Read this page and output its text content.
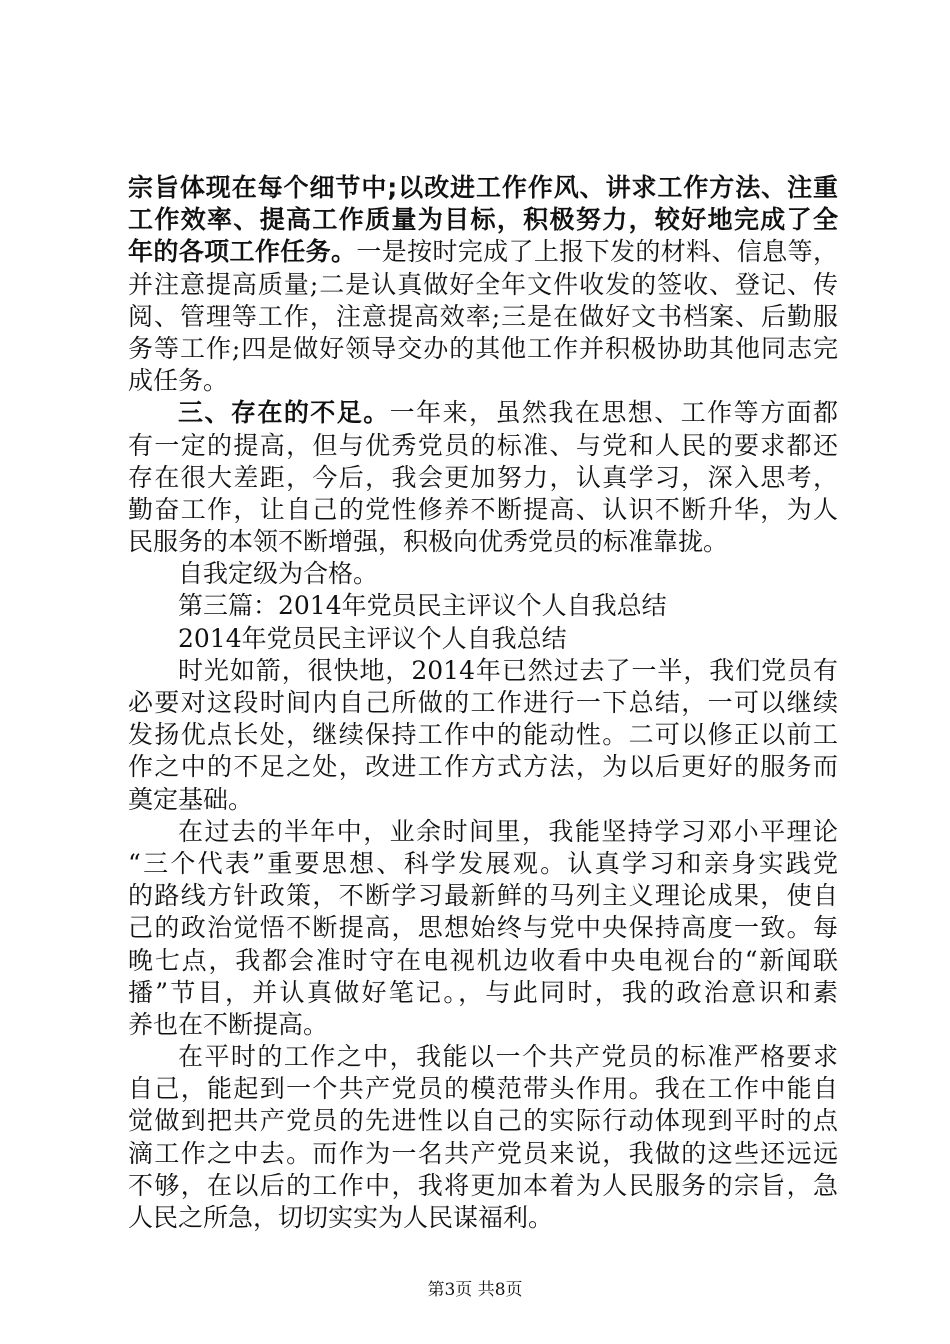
宗旨体现在每个细节中;以改进工作作风、讲求工作方法、注重
工作效率、提高工作质量为目标，积极努力，较好地完成了全
年的各项工作任务。一是按时完成了上报下发的材料、信息等，
并注意提高质量;二是认真做好全年文件收发的签收、登记、传
阅、管理等工作，注意提高效率;三是在做好文书档案、后勤服
务等工作;四是做好领导交办的其他工作并积极协助其他同志完
成任务。
三、存在的不足。一年来，虽然我在思想、工作等方面都
有一定的提高，但与优秀党员的标准、与党和人民的要求都还
存在很大差距，今后，我会更加努力，认真学习，深入思考，
勤奋工作，让自己的党性修养不断提高、认识不断升华，为人
民服务的本领不断增强，积极向优秀党员的标准靠拢。
自我定级为合格。
第三篇：2014年党员民主评议个人自我总结
2014年党员民主评议个人自我总结
时光如箭，很快地，2014年已然过去了一半，我们党员有
必要对这段时间内自己所做的工作进行一下总结，一可以继续
发扬优点长处，继续保持工作中的能动性。二可以修正以前工
作之中的不足之处，改进工作方式方法，为以后更好的服务而
奠定基础。
在过去的半年中，业余时间里，我能坚持学习邓小平理论
“三个代表”重要思想、科学发展观。认真学习和亲身实践党
的路线方针政策，不断学习最新鲜的马列主义理论成果，使自
己的政治觉悟不断提高，思想始终与党中央保持高度一致。每
晚七点，我都会准时守在电视机边收看中央电视台的“新闻联
播”节目，并认真做好笔记。，与此同时，我的政治意识和素
养也在不断提高。
在平时的工作之中，我能以一个共产党员的标准严格要求
自己，能起到一个共产党员的模范带头作用。我在工作中能自
觉做到把共产党员的先进性以自己的实际行动体现到平时的点
滴工作之中去。而作为一名共产党员来说，我做的这些还远远
不够，在以后的工作中，我将更加本着为人民服务的宗旨，急
人民之所急，切切实实为人民谋福利。
第3页 共8页
